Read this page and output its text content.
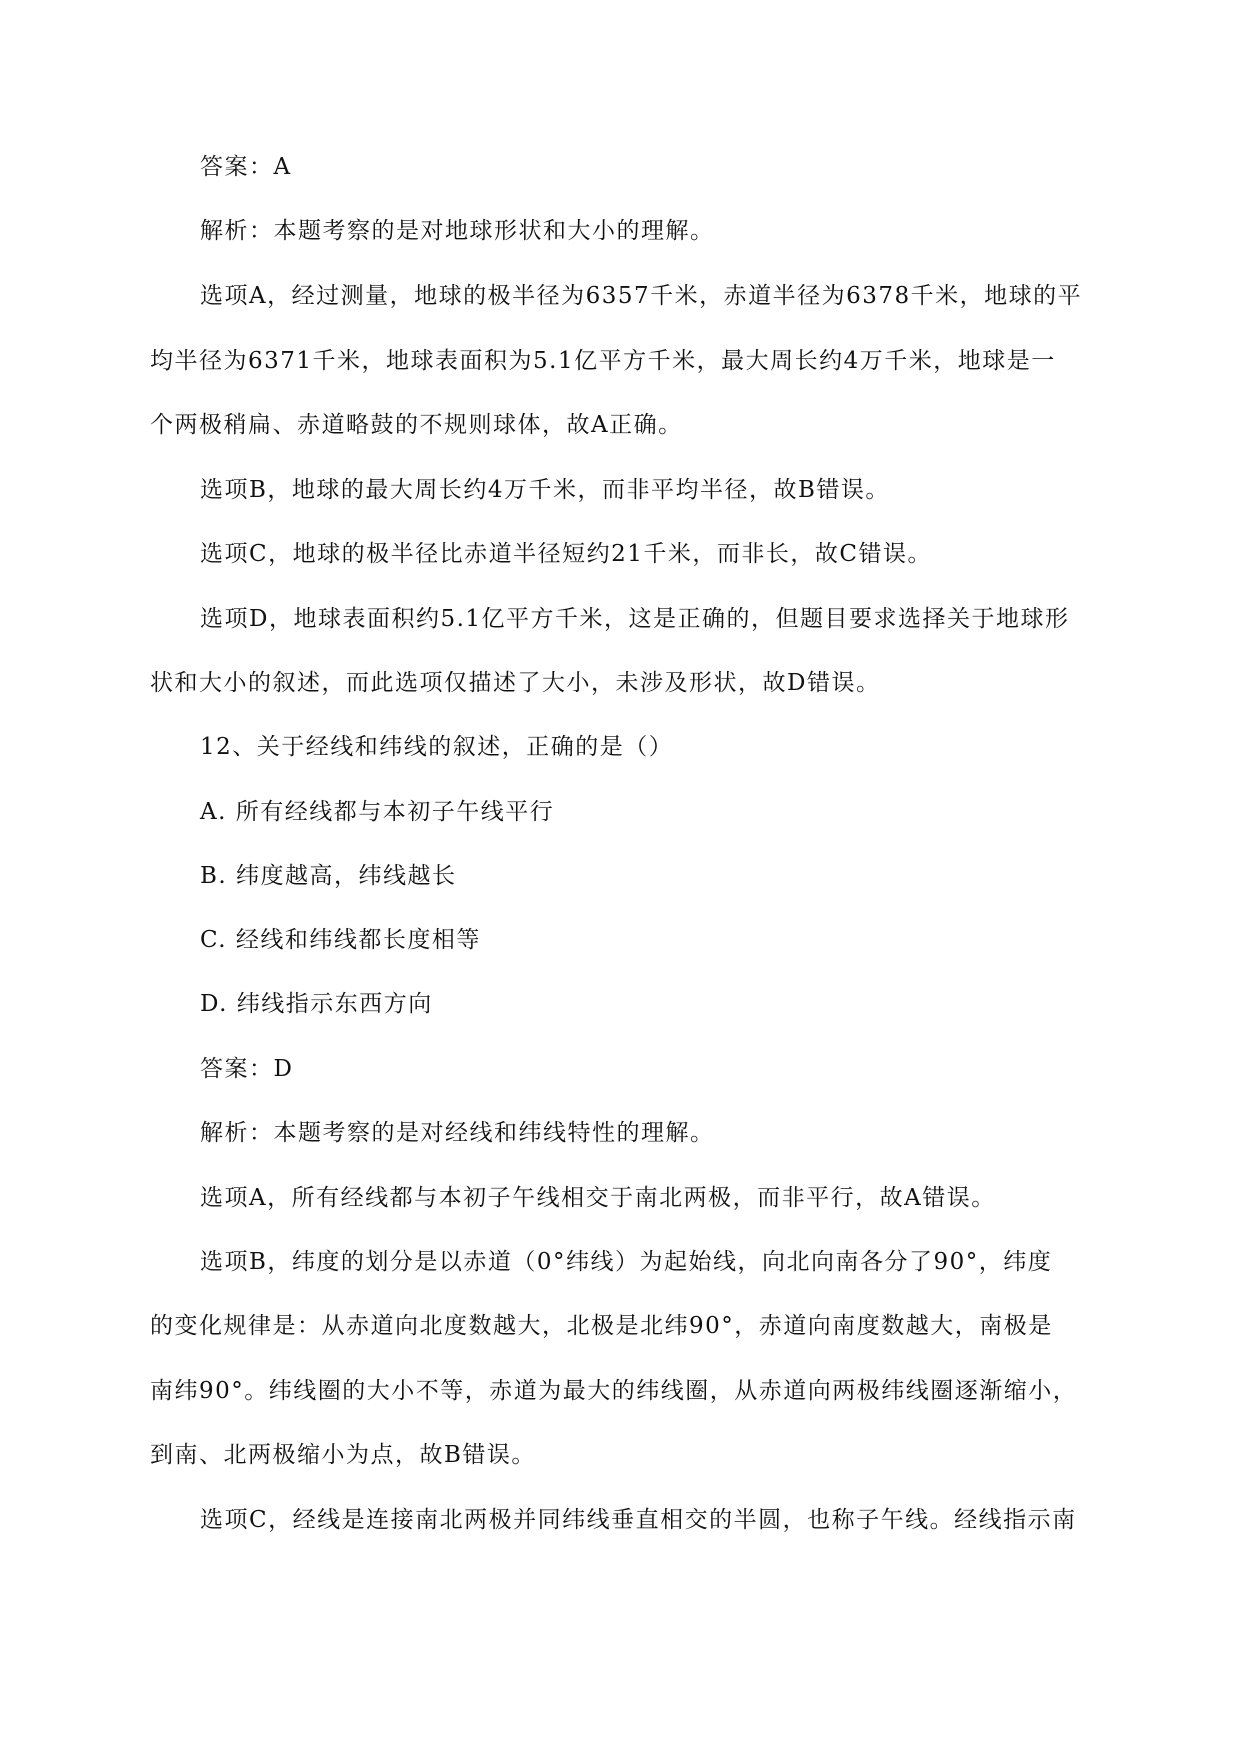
答案：A
解析：本题考察的是对地球形状和大小的理解。
选项A，经过测量，地球的极半径为6357千米，赤道半径为6378千米，地球的平
均半径为6371千米，地球表面积为5.1亿平方千米，最大周长约4万千米，地球是一
个两极稍扁、赤道略鼓的不规则球体，故A正确。
选项B，地球的最大周长约4万千米，而非平均半径，故B错误。
选项C，地球的极半径比赤道半径短约21千米，而非长，故C错误。
选项D，地球表面积约5.1亿平方千米，这是正确的，但题目要求选择关于地球形
状和大小的叙述，而此选项仅描述了大小，未涉及形状，故D错误。
12、关于经线和纬线的叙述，正确的是（）
A. 所有经线都与本初子午线平行
B. 纬度越高，纬线越长
C. 经线和纬线都长度相等
D. 纬线指示东西方向
答案：D
解析：本题考察的是对经线和纬线特性的理解。
选项A，所有经线都与本初子午线相交于南北两极，而非平行，故A错误。
选项B，纬度的划分是以赤道（0°纬线）为起始线，向北向南各分了90°，纬度
的变化规律是：从赤道向北度数越大，北极是北纬90°，赤道向南度数越大，南极是
南纬90°。纬线圈的大小不等，赤道为最大的纬线圈，从赤道向两极纬线圈逐渐缩小，
到南、北两极缩小为点，故B错误。
选项C，经线是连接南北两极并同纬线垂直相交的半圆，也称子午线。经线指示南
